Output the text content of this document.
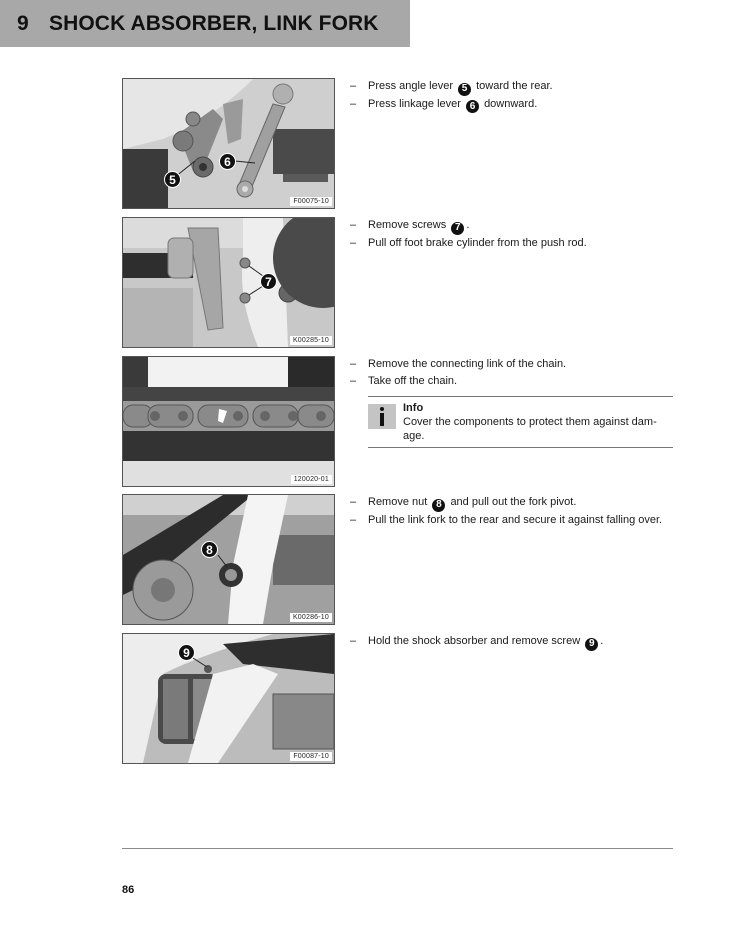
9 SHOCK ABSORBER, LINK FORK
5
6
F00075-10
–	Press angle lever 5 toward the rear.
–	Press linkage lever 6 downward.
7
K00285-10
–	Remove screws 7 .
–	Pull off foot brake cylinder from the push rod.
120020-01
–	Remove the connecting link of the chain.
–	Take off the chain.
Info
Cover the components to protect them against dam-age.
8
K00286-10
–	Remove nut 8 and pull out the fork pivot.
–	Pull the link fork to the rear and secure it against falling over.
9
F00087-10
–	Hold the shock absorber and remove screw 9 .
86
